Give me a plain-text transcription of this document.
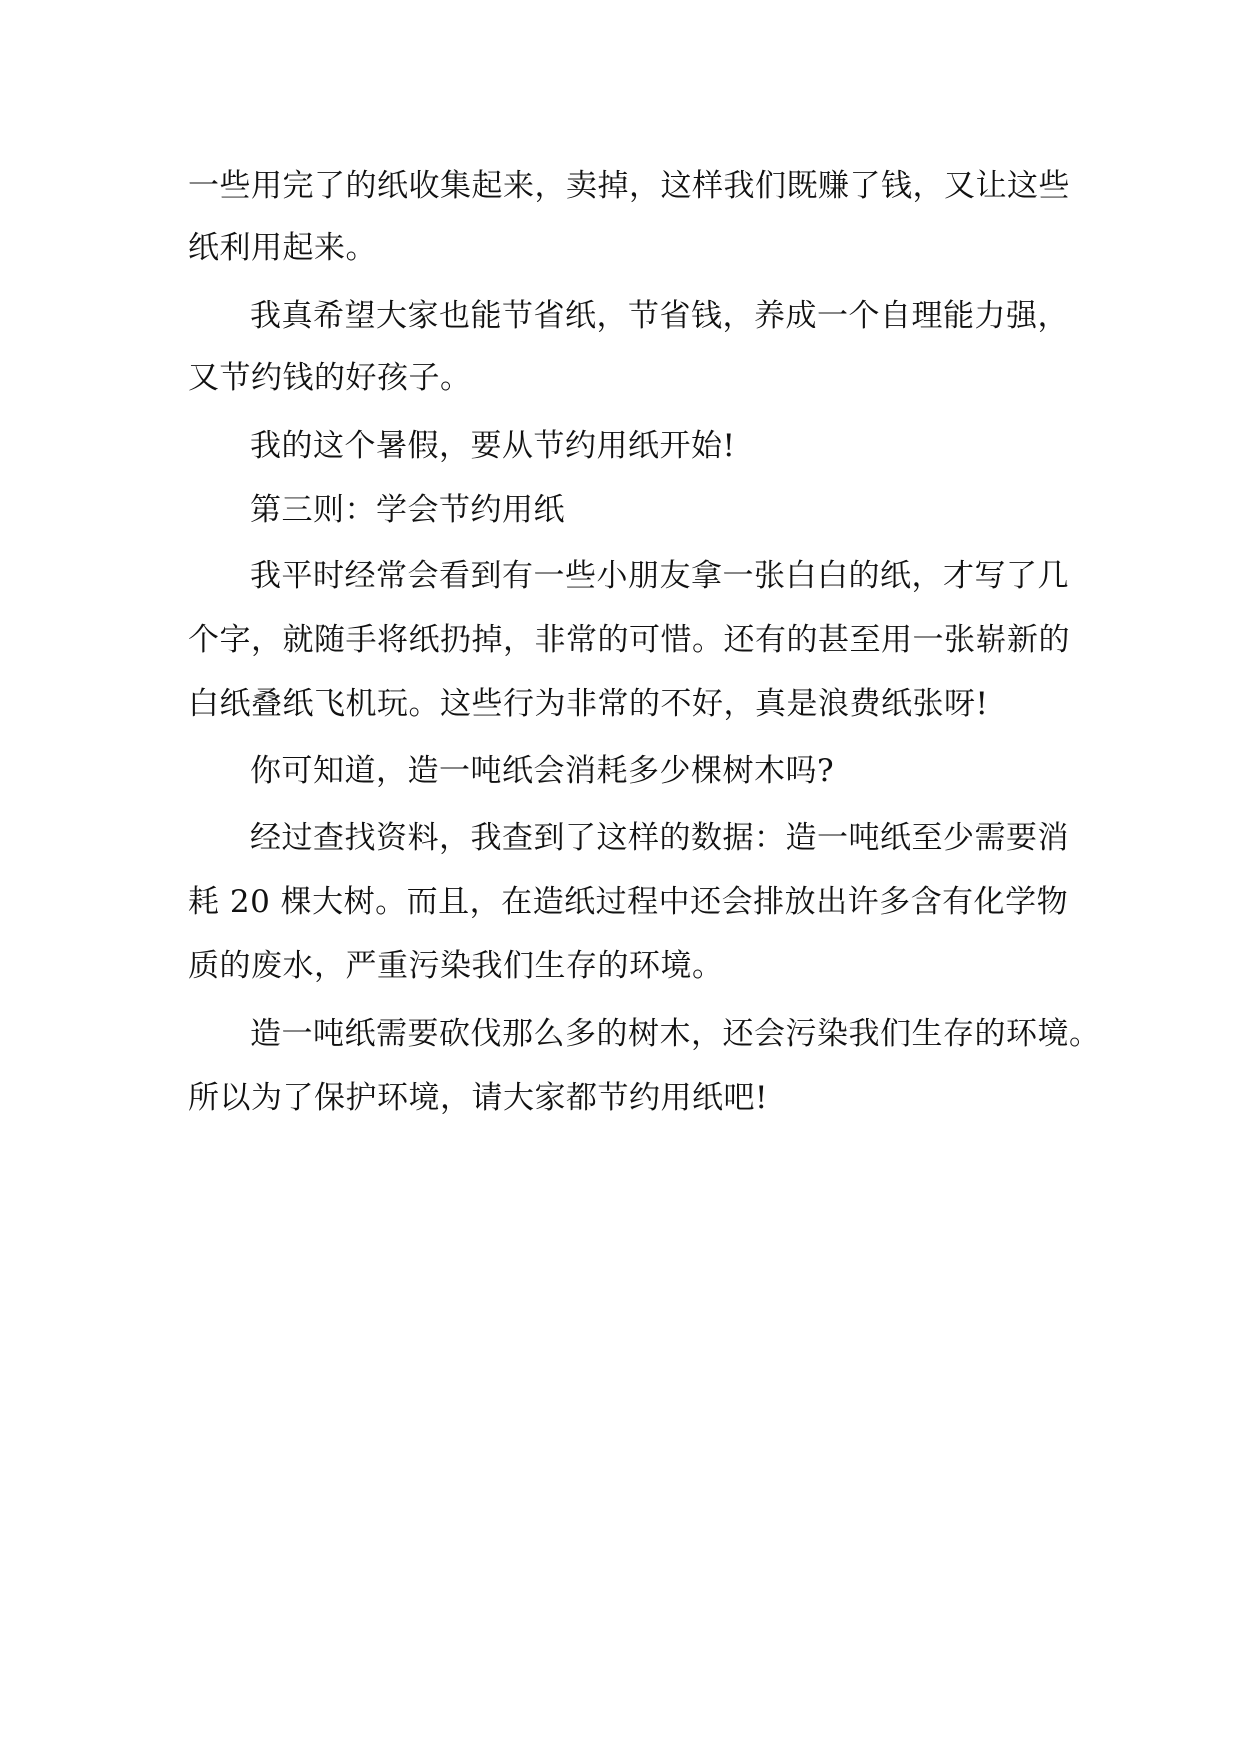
一些用完了的纸收集起来，卖掉，这样我们既赚了钱，又让这些
纸利用起来。
我真希望大家也能节省纸，节省钱，养成一个自理能力强，
又节约钱的好孩子。
我的这个暑假，要从节约用纸开始!
第三则：学会节约用纸
我平时经常会看到有一些小朋友拿一张白白的纸，才写了几
个字，就随手将纸扔掉，非常的可惜。还有的甚至用一张崭新的
白纸叠纸飞机玩。这些行为非常的不好，真是浪费纸张呀!
你可知道，造一吨纸会消耗多少棵树木吗?
经过查找资料，我查到了这样的数据：造一吨纸至少需要消
耗 20 棵大树。而且，在造纸过程中还会排放出许多含有化学物
质的废水，严重污染我们生存的环境。
造一吨纸需要砍伐那么多的树木，还会污染我们生存的环境。
所以为了保护环境，请大家都节约用纸吧!
